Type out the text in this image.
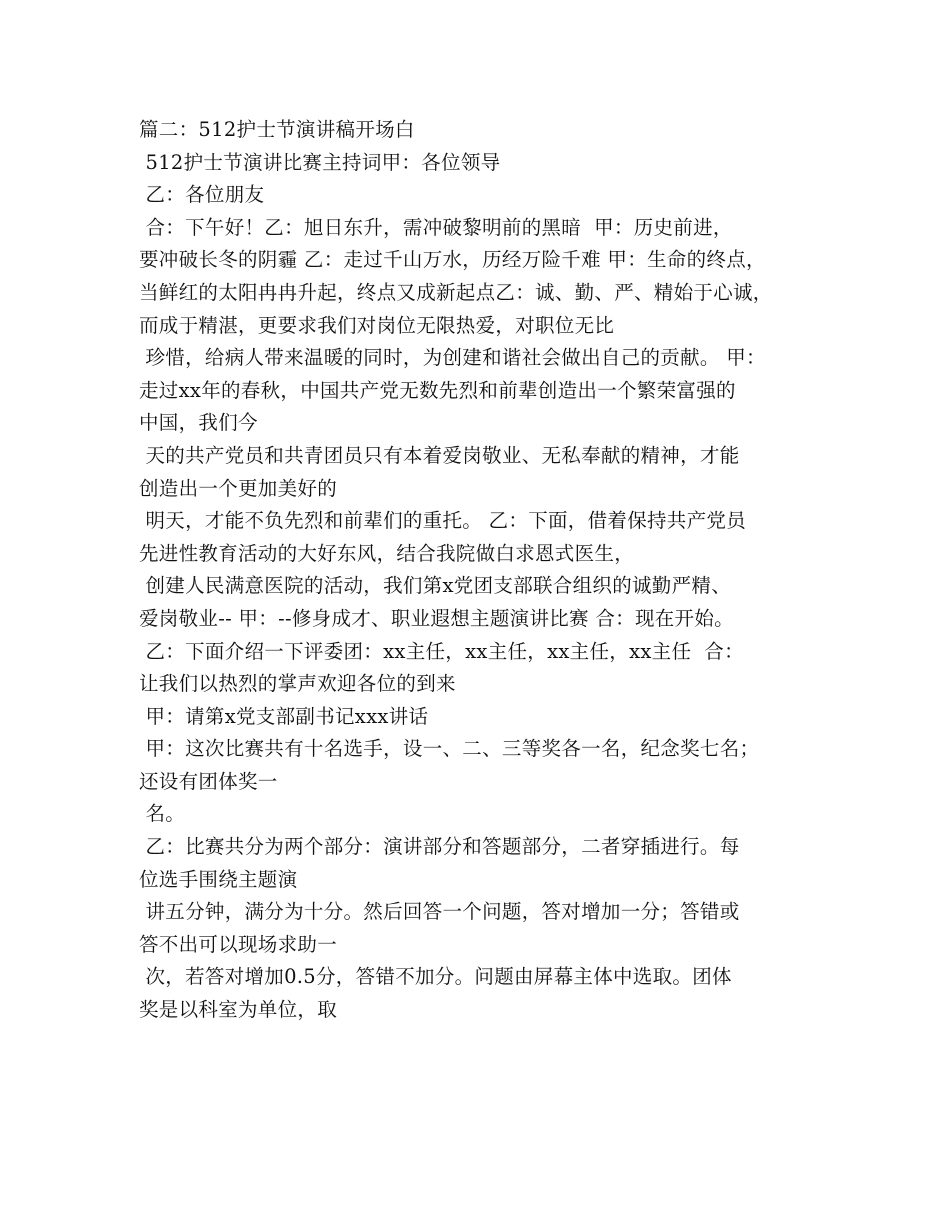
篇二：512护士节演讲稿开场白
512护士节演讲比赛主持词甲：各位领导
乙：各位朋友
合：下午好！乙：旭日东升，需冲破黎明前的黑暗  甲：历史前进，
要冲破长冬的阴霾 乙：走过千山万水，历经万险千难 甲：生命的终点，
当鲜红的太阳冉冉升起，终点又成新起点乙：诚、勤、严、精始于心诚，
而成于精湛，更要求我们对岗位无限热爱，对职位无比
珍惜，给病人带来温暖的同时，为创建和谐社会做出自己的贡献。 甲：
走过xx年的春秋，中国共产党无数先烈和前辈创造出一个繁荣富强的
中国，我们今
天的共产党员和共青团员只有本着爱岗敬业、无私奉献的精神，才能
创造出一个更加美好的
明天，才能不负先烈和前辈们的重托。 乙：下面，借着保持共产党员
先进性教育活动的大好东风，结合我院做白求恩式医生，
创建人民满意医院的活动，我们第x党团支部联合组织的诚勤严精、
爱岗敬业-- 甲：--修身成才、职业遐想主题演讲比赛 合：现在开始。
乙：下面介绍一下评委团：xx主任，xx主任，xx主任，xx主任  合：
让我们以热烈的掌声欢迎各位的到来
甲：请第x党支部副书记xxx讲话
甲：这次比赛共有十名选手，设一、二、三等奖各一名，纪念奖七名；
还设有团体奖一
名。
乙：比赛共分为两个部分：演讲部分和答题部分，二者穿插进行。每
位选手围绕主题演
讲五分钟，满分为十分。然后回答一个问题，答对增加一分；答错或
答不出可以现场求助一
次，若答对增加0.5分，答错不加分。问题由屏幕主体中选取。团体
奖是以科室为单位，取
